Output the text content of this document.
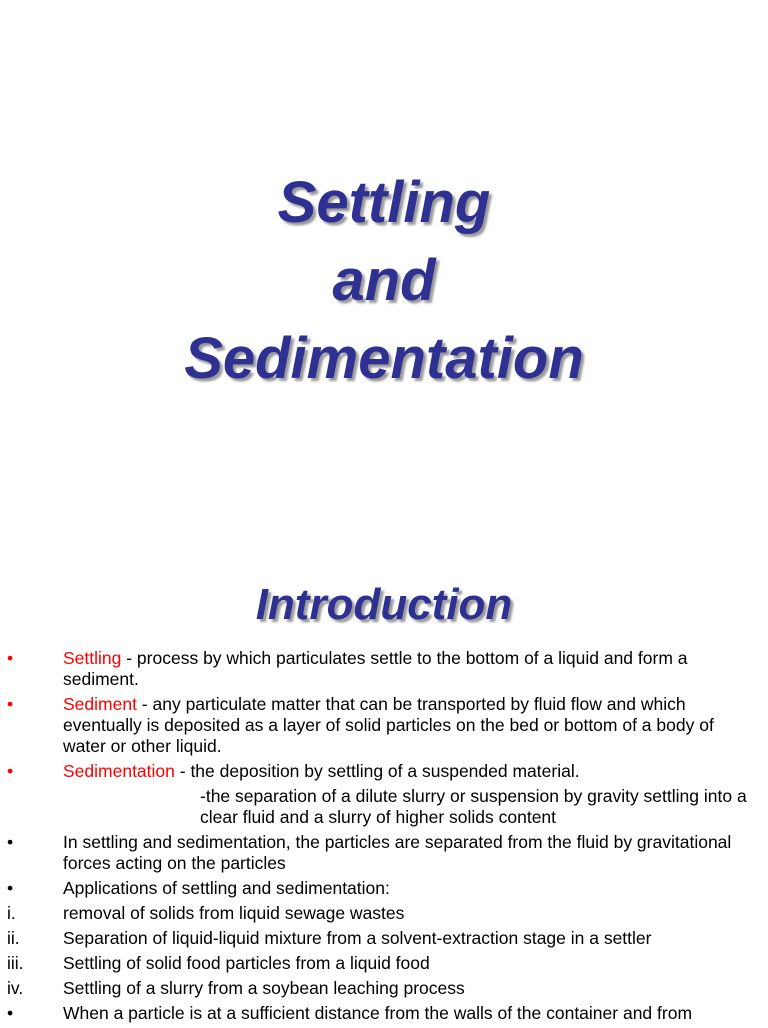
Settling
and
Sedimentation
Introduction
•	Settling - process by which particulates settle to the bottom of a liquid and form a sediment.
•	Sediment - any particulate matter that can be transported by fluid flow and which eventually is deposited as a layer of solid particles on the bed or bottom of a body of water or other liquid.
•	Sedimentation - the deposition by settling of a suspended material.
-the separation of a dilute slurry or suspension by gravity settling into a clear fluid and a slurry of higher solids content
•	In settling and sedimentation, the particles are separated from the fluid by gravitational forces acting on the particles
•	Applications of settling and sedimentation:
i.	removal of solids from liquid sewage wastes
ii. Separation of liquid-liquid mixture from a solvent-extraction stage in a settler
iii. Settling of solid food particles from a liquid food
iv. Settling of a slurry from a soybean leaching process
•	When a particle is at a sufficient distance from the walls of the container and from
